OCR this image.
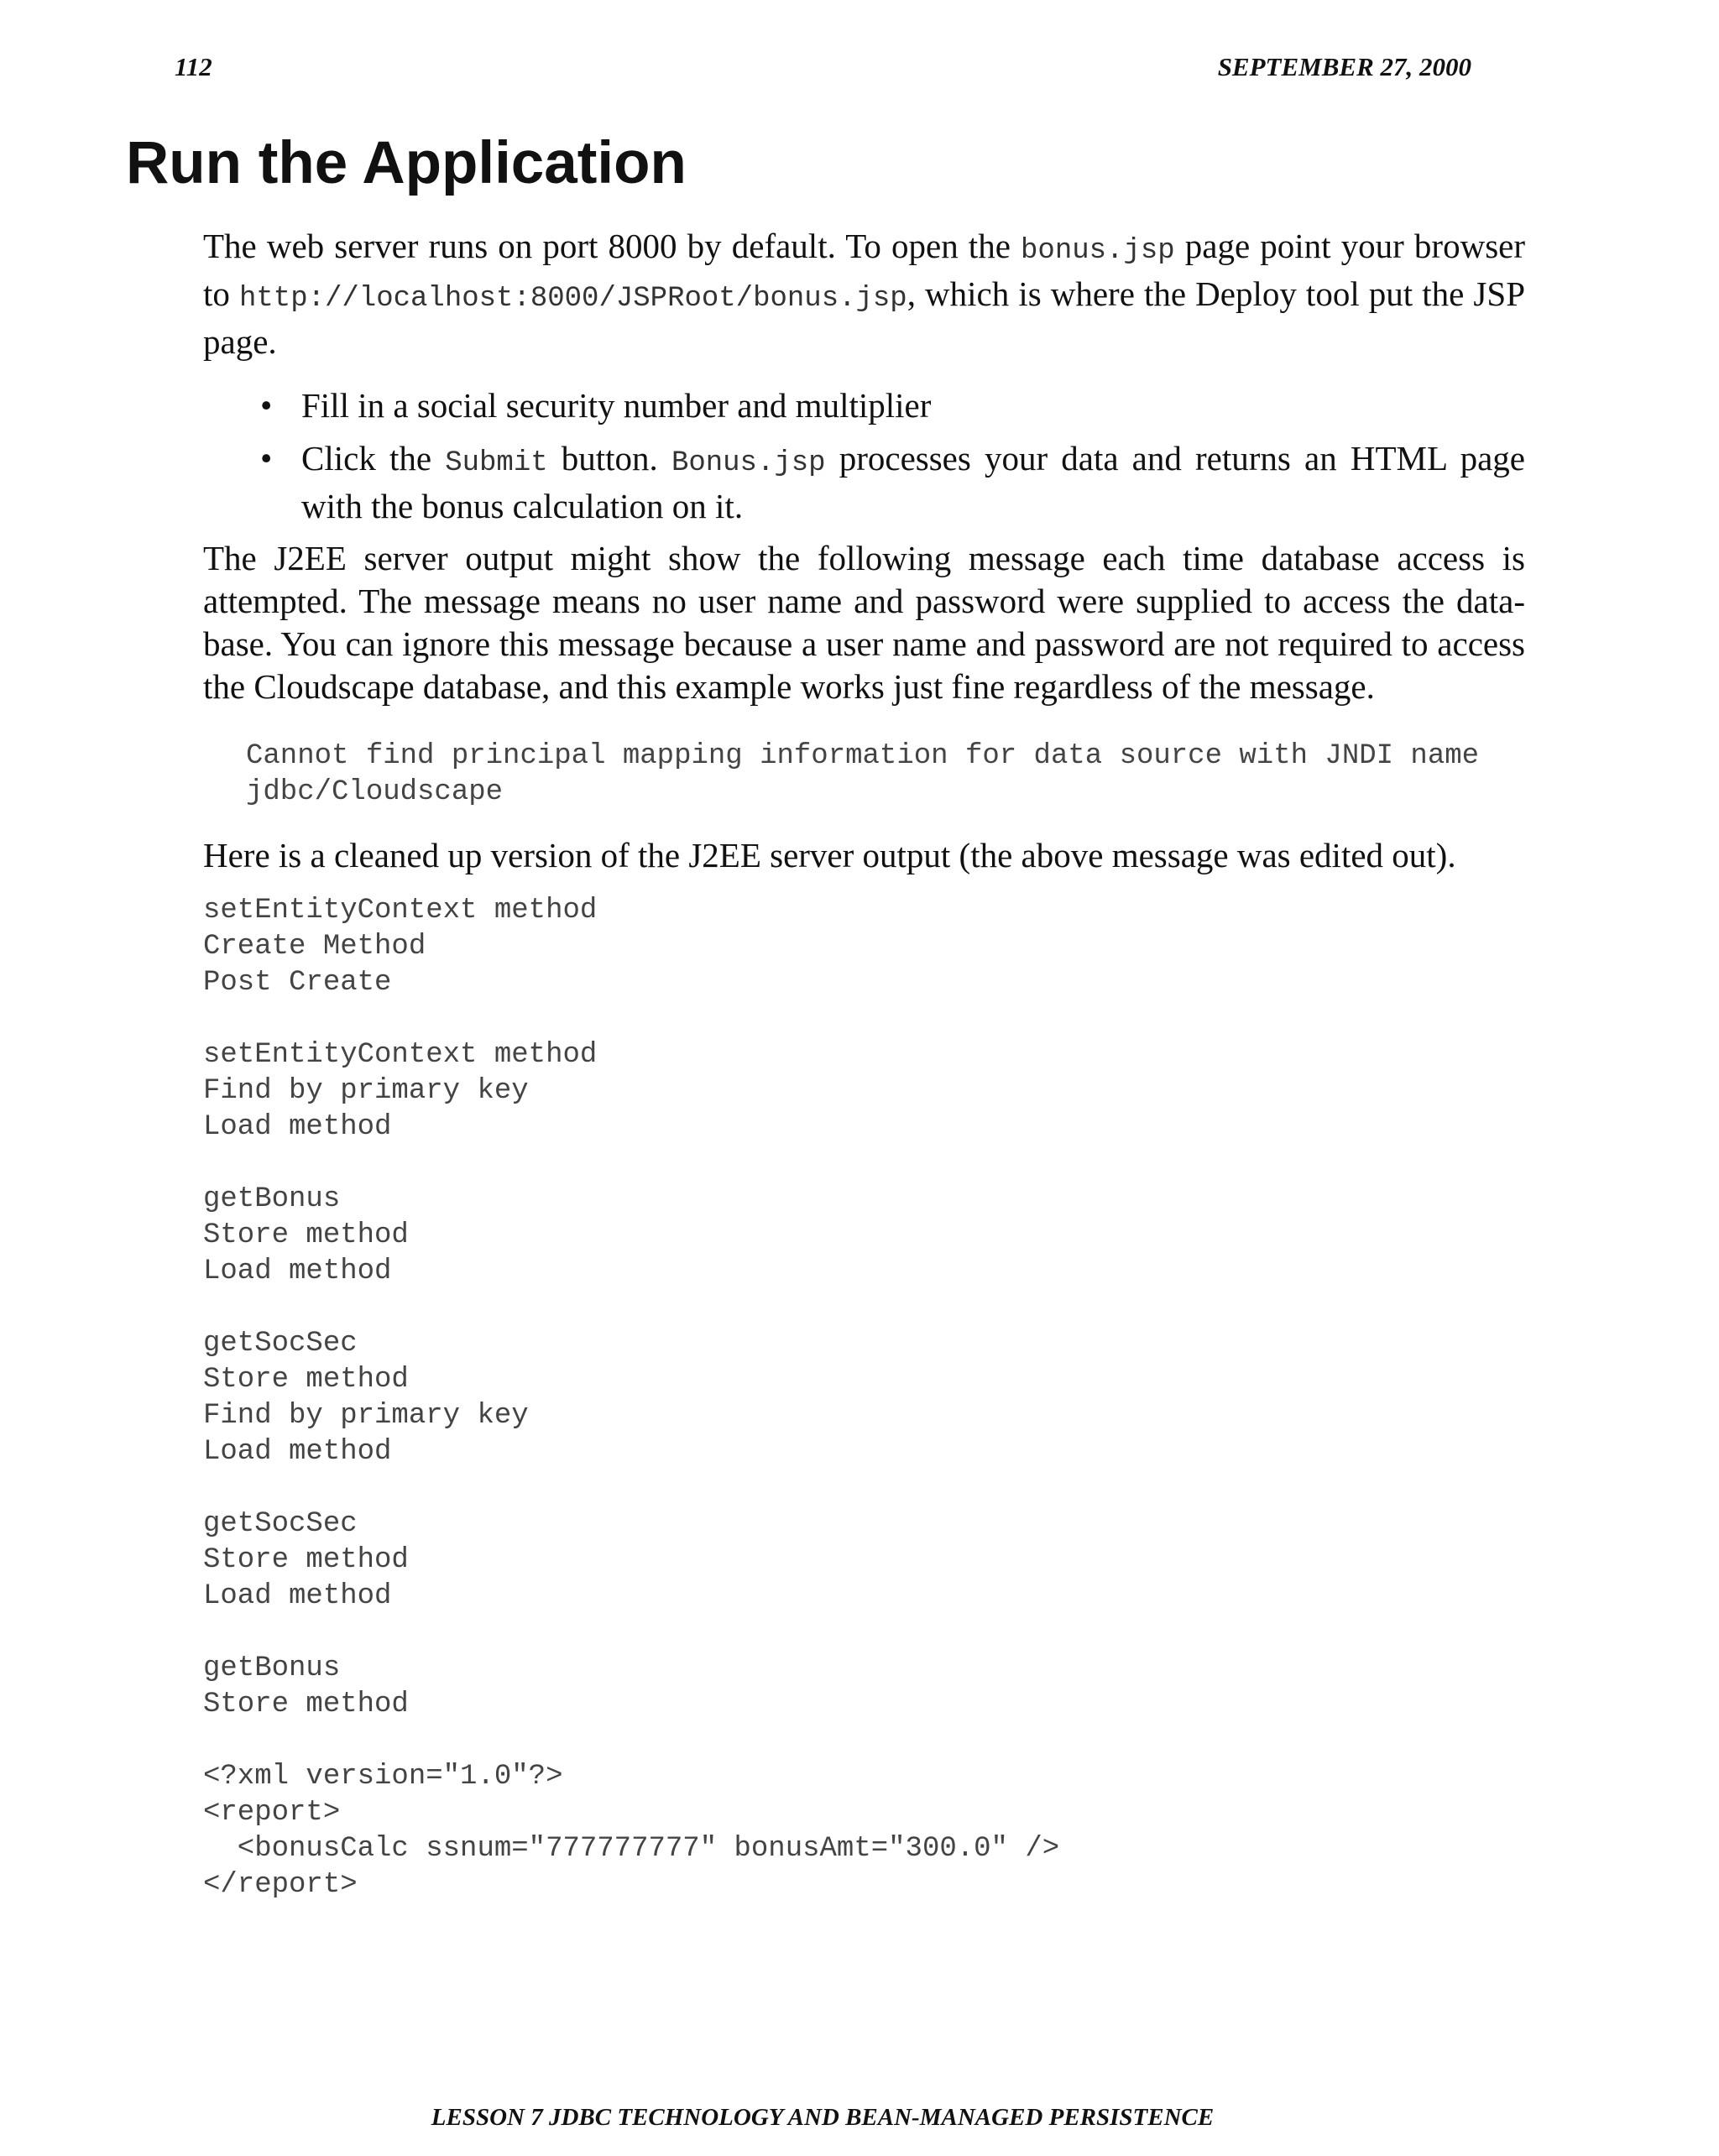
112	SEPTEMBER 27, 2000
Run the Application

The web server runs on port 8000 by default. To open the bonus.jsp page point your browser to http://localhost:8000/JSPRoot/bonus.jsp, which is where the Deploy tool put the JSP page.

• Fill in a social security number and multiplier
• Click the Submit button. Bonus.jsp processes your data and returns an HTML page with the bonus calculation on it.

The J2EE server output might show the following message each time database access is attempted. The message means no user name and password were supplied to access the data-base. You can ignore this message because a user name and password are not required to access the Cloudscape database, and this example works just fine regardless of the message.

Cannot find principal mapping information for data source with JNDI name
jdbc/Cloudscape

Here is a cleaned up version of the J2EE server output (the above message was edited out).

setEntityContext method
Create Method
Post Create
setEntityContext method
Find by primary key
Load method
getBonus
Store method
Load method
getSocSec
Store method
Find by primary key
Load method
getSocSec
Store method
Load method
getBonus
Store method
<?xml version="1.0"?>
<report>
<bonusCalc ssnum="777777777" bonusAmt="300.0" />
</report>
LESSON 7 JDBC TECHNOLOGY AND BEAN-MANAGED PERSISTENCE
